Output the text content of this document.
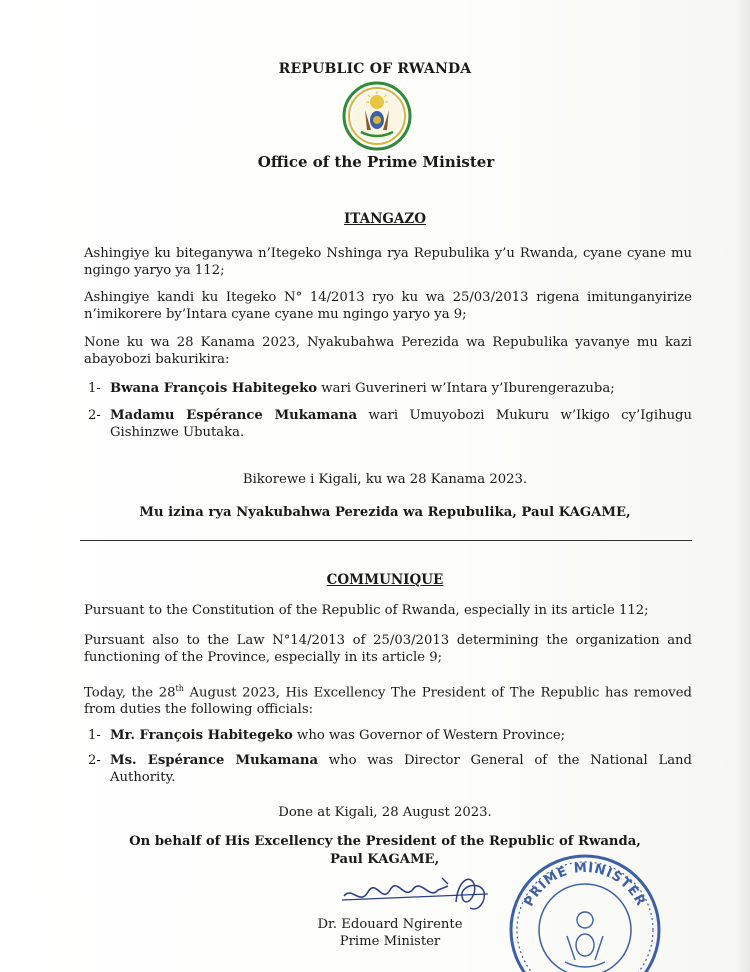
REPUBLIC OF RWANDA
Office of the Prime Minister
ITANGAZO
Ashingiye ku biteganywa n’Itegeko Nshinga rya Repubulika y’u Rwanda, cyane cyane mu ngingo yaryo ya 112;
Ashingiye kandi ku Itegeko N° 14/2013 ryo ku wa 25/03/2013 rigena imitunganyirize n’imikorere by’Intara cyane cyane mu ngingo yaryo ya 9;
None ku wa 28 Kanama 2023, Nyakubahwa Perezida wa Repubulika yavanye mu kazi abayobozi bakurikira:
1- Bwana François Habitegeko wari Guverineri w’Intara y’Iburengerazuba;
2- Madamu Espérance Mukamana wari Umuyobozi Mukuru w’Ikigo cy’Igihugu Gishinzwe Ubutaka.
Bikorewe i Kigali, ku wa 28 Kanama 2023.
Mu izina rya Nyakubahwa Perezida wa Repubulika, Paul KAGAME,
COMMUNIQUE
Pursuant to the Constitution of the Republic of Rwanda, especially in its article 112;
Pursuant also to the Law N°14/2013 of 25/03/2013 determining the organization and functioning of the Province, especially in its article 9;
Today, the 28th August 2023, His Excellency The President of The Republic has removed from duties the following officials:
1- Mr. François Habitegeko who was Governor of Western Province;
2- Ms. Espérance Mukamana who was Director General of the National Land Authority.
Done at Kigali, 28 August 2023.
On behalf of His Excellency the President of the Republic of Rwanda,
Paul KAGAME,
PRIME MINISTER
Dr. Edouard Ngirente
Prime Minister
